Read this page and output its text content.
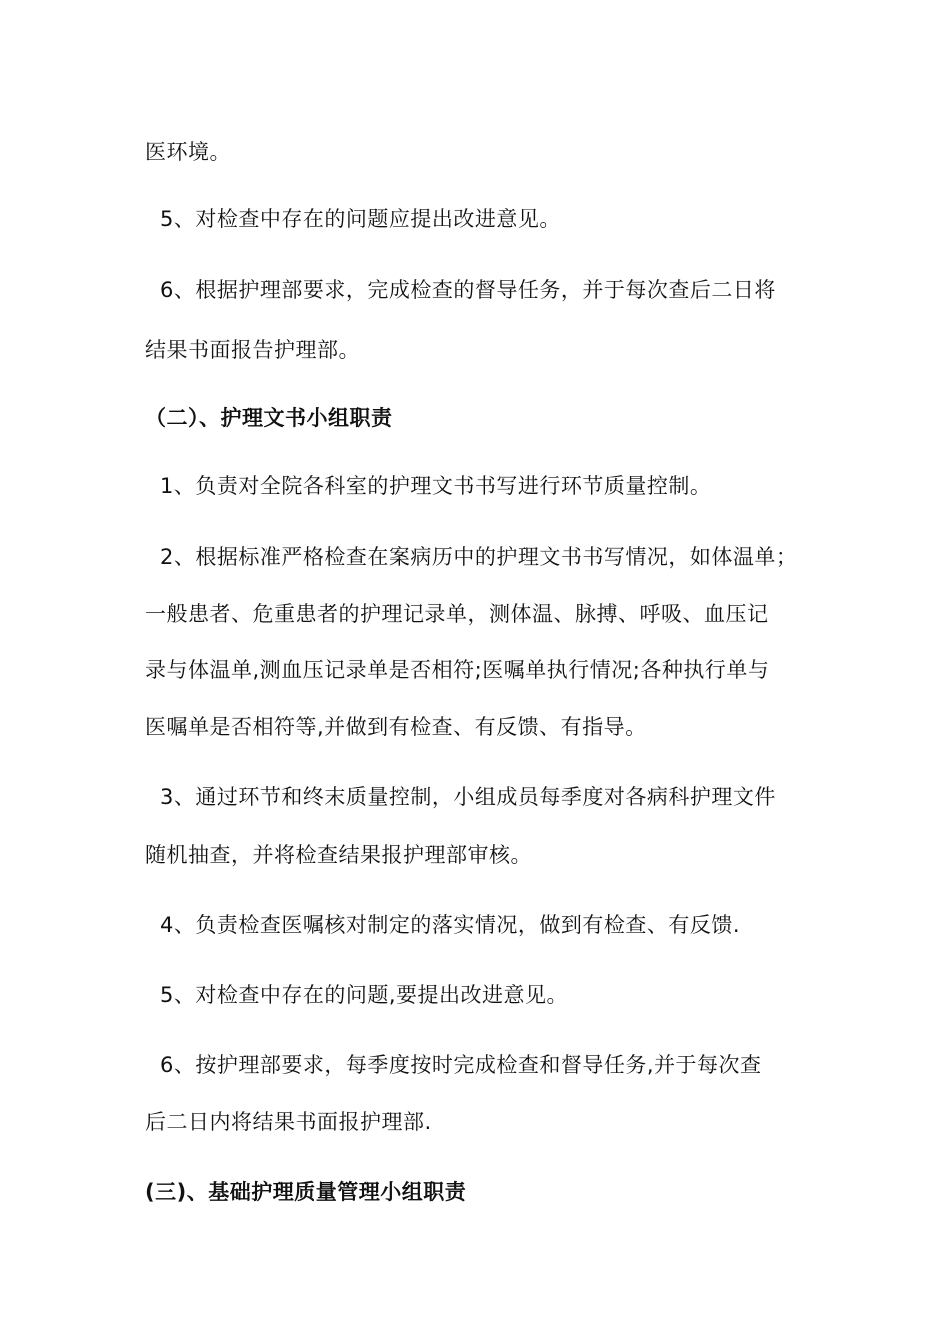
医环境。
5、对检查中存在的问题应提出改进意见。
6、根据护理部要求，完成检查的督导任务，并于每次查后二日将
结果书面报告护理部。
（二）、护理文书小组职责
1、负责对全院各科室的护理文书书写进行环节质量控制。
2、根据标准严格检查在案病历中的护理文书书写情况，如体温单；
一般患者、危重患者的护理记录单，测体温、脉搏、呼吸、血压记
录与体温单,测血压记录单是否相符;医嘱单执行情况;各种执行单与
医嘱单是否相符等,并做到有检查、有反馈、有指导。
3、通过环节和终末质量控制，小组成员每季度对各病科护理文件
随机抽查，并将检查结果报护理部审核。
4、负责检查医嘱核对制定的落实情况，做到有检查、有反馈.
5、对检查中存在的问题,要提出改进意见。
6、按护理部要求，每季度按时完成检查和督导任务,并于每次查
后二日内将结果书面报护理部.
(三)、基础护理质量管理小组职责
